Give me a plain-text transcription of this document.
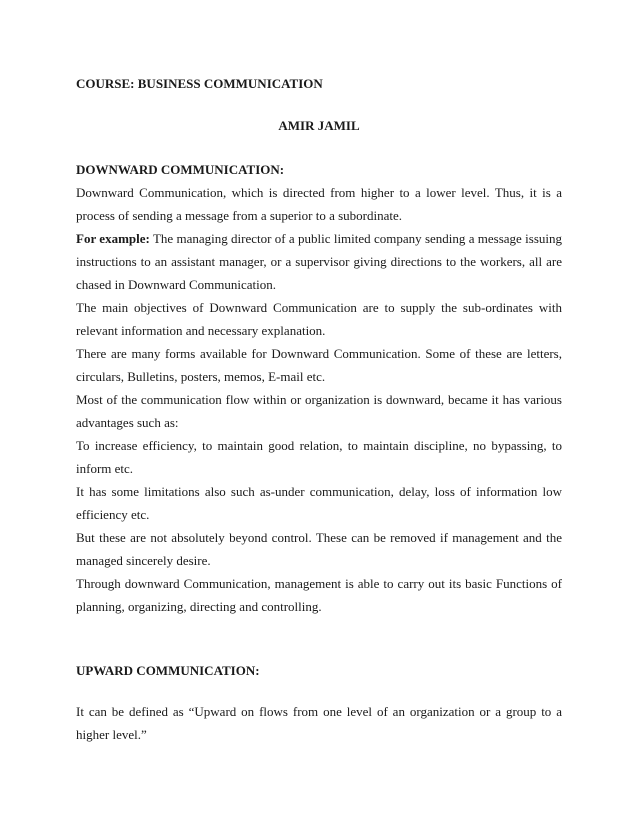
COURSE: BUSINESS COMMUNICATION
AMIR JAMIL

DOWNWARD COMMUNICATION:

Downward Communication, which is directed from higher to a lower level. Thus, it is a process of sending a message from a superior to a subordinate.

For example: The managing director of a public limited company sending a message issuing instructions to an assistant manager, or a supervisor giving directions to the workers, all are chased in Downward Communication.

The main objectives of Downward Communication are to supply the sub-ordinates with relevant information and necessary explanation.

There are many forms available for Downward Communication. Some of these are letters, circulars, Bulletins, posters, memos, E-mail etc.

Most of the communication flow within or organization is downward, became it has various advantages such as:

To increase efficiency, to maintain good relation, to maintain discipline, no bypassing, to inform etc.

It has some limitations also such as-under communication, delay, loss of information low efficiency etc.

But these are not absolutely beyond control. These can be removed if management and the managed sincerely desire.

Through downward Communication, management is able to carry out its basic Functions of planning, organizing, directing and controlling.

UPWARD COMMUNICATION:

It can be defined as “Upward on flows from one level of an organization or a group to a higher level.”
